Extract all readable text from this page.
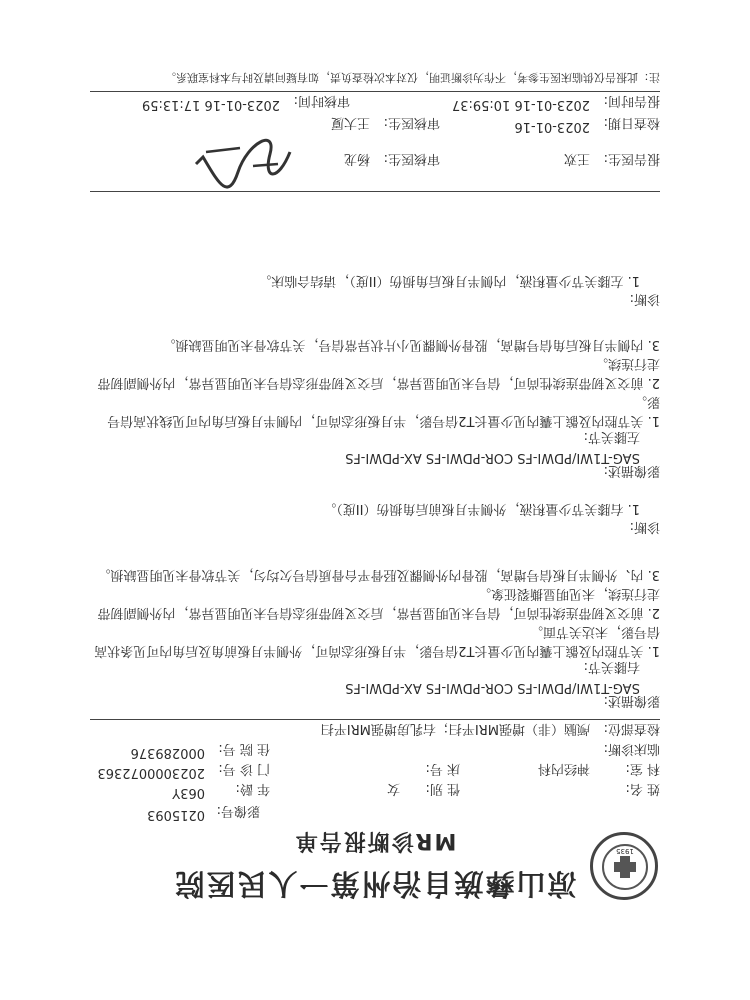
1935
凉山彝族自治州第一人民医院
MR诊断报告单
影像号:
0215093
姓 名:
性 别:
女
年 龄:
063Y
科 室:
神经内科
床 号:
门 诊 号:
2023000072363
临床诊断:
住 院 号:
000289376
检查部位:
颅脑（非）增强MRI平扫；右乳房增强MRI平扫
影像描述:
SAG-T1WI/PDWI-FS COR-PDWI-FS AX-PDWI-FS
右膝关节:
1. 关节腔内及髌上囊内见少量长T2信号影，半月板形态尚可，外侧半月板前角及后角内可见条状高信号影，未达关节面。
2. 前交叉韧带连续性尚可，信号未见明显异常，后交叉韧带形态信号未见明显异常，内外侧副韧带走行连续，未见明显撕裂征象。
3. 内、外侧半月板信号增高，股骨内外侧髁及胫骨平台骨质信号欠均匀，关节软骨未见明显缺损。
诊断:
1. 右膝关节少量积液，外侧半月板前后角损伤（II度）。
影像描述:
SAG-T1WI/PDWI-FS COR-PDWI-FS AX-PDWI-FS
左膝关节:
1. 关节腔内及髌上囊内见少量长T2信号影，半月板形态尚可，内侧半月板后角内可见线状高信号影。
2. 前交叉韧带连续性尚可，信号未见明显异常，后交叉韧带形态信号未见明显异常，内外侧副韧带走行连续。
3. 内侧半月板后角信号增高，股骨外侧髁见小片状异常信号，关节软骨未见明显缺损。
诊断:
1. 左膝关节少量积液，内侧半月板后角损伤（II度），请结合临床。
报告医生:
王欢
审核医生:
杨龙
检查日期:
2023-01-16
审核医生:
王大厦
报告时间:
2023-01-16 10:59:37
审核时间:
2023-01-16 17:13:59
注：此报告仅供临床医生参考，不作为诊断证明，仅对本次检查负责，如有疑问请及时与本科室联系。
